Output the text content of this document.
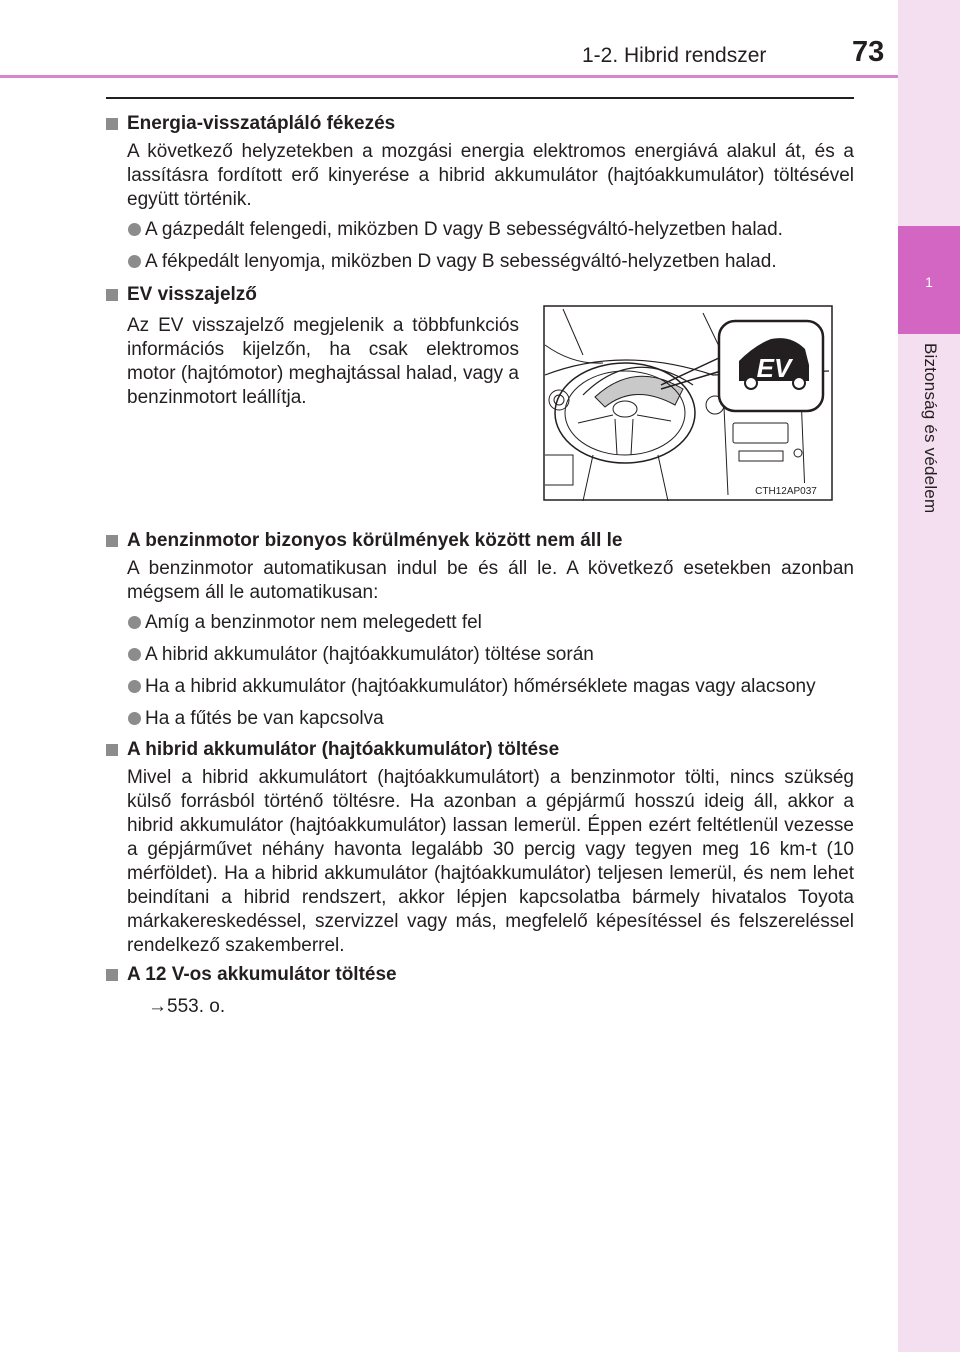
1-2. Hibrid rendszer	73
1
Biztonság és védelem
Energia-visszatápláló fékezés
A következő helyzetekben a mozgási energia elektromos energiává alakul át, és a lassításra fordított erő kinyerése a hibrid akkumulátor (hajtóakkumulátor) töltésével együtt történik.
A gázpedált felengedi, miközben D vagy B sebességváltó-helyzetben halad.
A fékpedált lenyomja, miközben D vagy B sebességváltó-helyzetben halad.
EV visszajelző
Az EV visszajelző megjelenik a többfunkciós információs kijelzőn, ha csak elektromos motor (hajtómotor) meghajtással halad, vagy a benzinmotort leállítja.
A benzinmotor bizonyos körülmények között nem áll le
A benzinmotor automatikusan indul be és áll le. A következő esetekben azonban mégsem áll le automatikusan:
Amíg a benzinmotor nem melegedett fel
A hibrid akkumulátor (hajtóakkumulátor) töltése során
Ha a hibrid akkumulátor (hajtóakkumulátor) hőmérséklete magas vagy alacsony
Ha a fűtés be van kapcsolva
A hibrid akkumulátor (hajtóakkumulátor) töltése
Mivel a hibrid akkumulátort (hajtóakkumulátort) a benzinmotor tölti, nincs szükség külső forrásból történő töltésre. Ha azonban a gépjármű hosszú ideig áll, akkor a hibrid akkumulátor (hajtóakkumulátor) lassan lemerül. Éppen ezért feltétlenül vezesse a gépjárművet néhány havonta legalább 30 percig vagy tegyen meg 16 km-t (10 mérföldet). Ha a hibrid akkumulátor (hajtóakkumulátor) teljesen lemerül, és nem lehet beindítani a hibrid rendszert, akkor lépjen kapcsolatba bármely hivatalos Toyota márkakereskedéssel, szervizzel vagy más, megfelelő képesítéssel és felszereléssel rendelkező szakemberrel.
A 12 V-os akkumulátor töltése
→553. o.
EV
CTH12AP037
